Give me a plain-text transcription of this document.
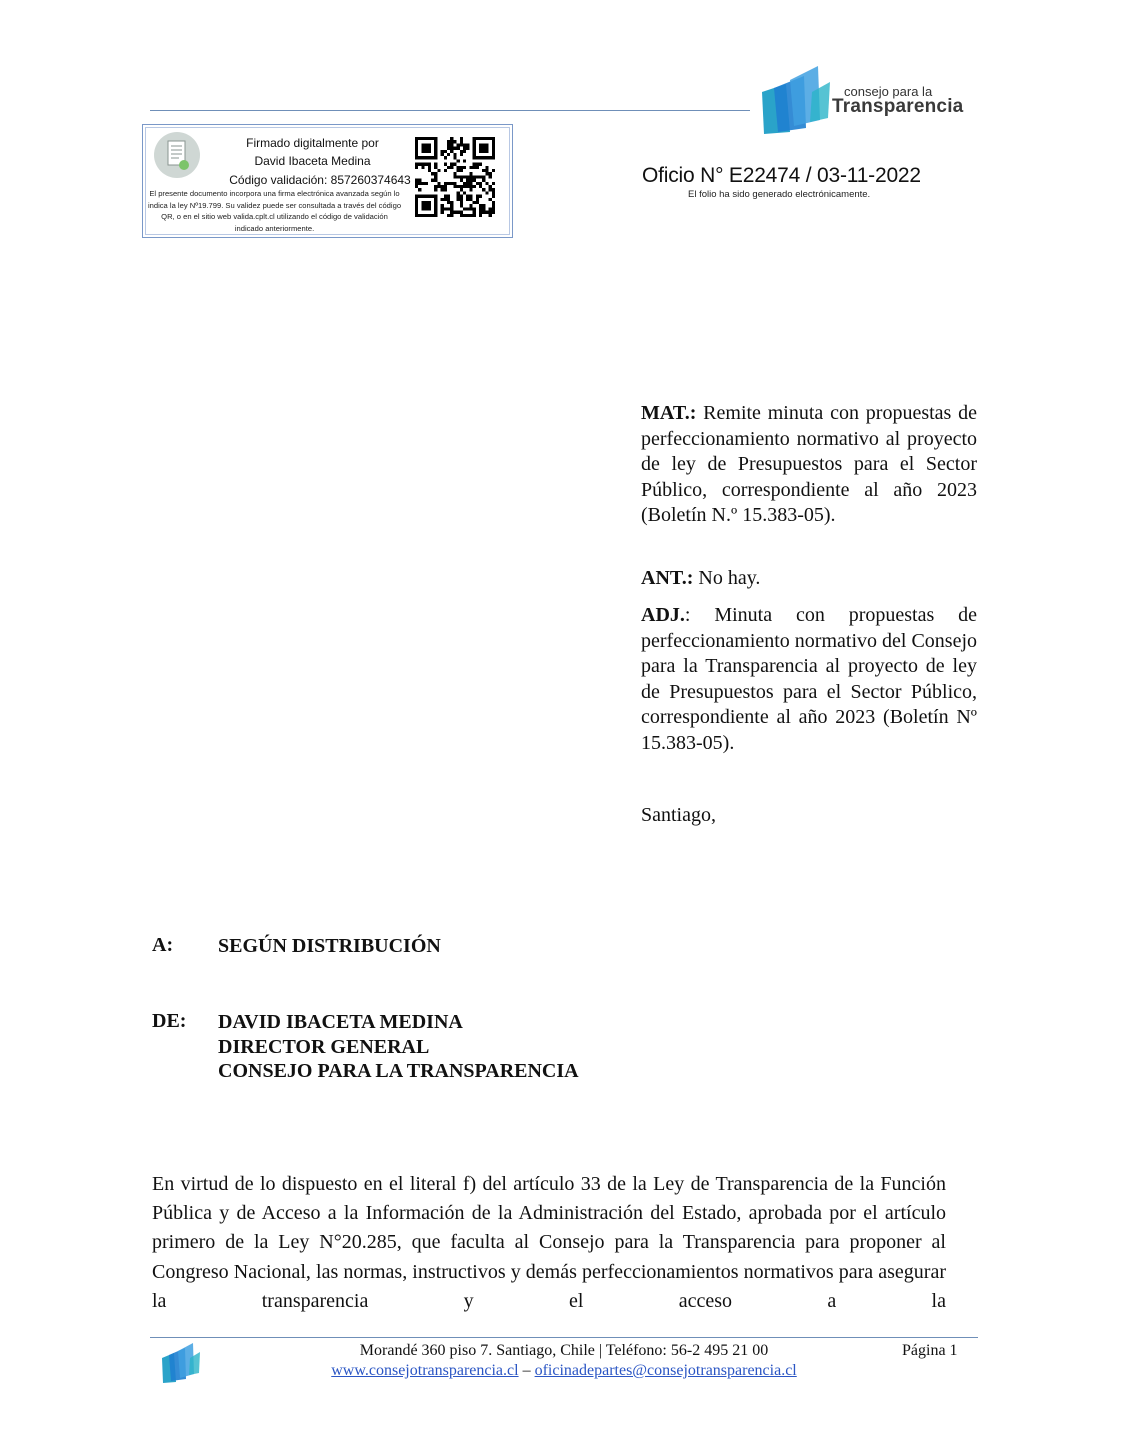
consejo para la
Transparencia
Firmado digitalmente por
David Ibaceta Medina
Código validación: 857260374643
El presente documento incorpora una firma electrónica avanzada según lo indica la ley Nº19.799. Su validez puede ser consultada a través del código QR, o en el sitio web valida.cplt.cl utilizando el código de validación indicado anteriormente.
Oficio N° E22474 / 03-11-2022
El folio ha sido generado electrónicamente.
MAT.: Remite minuta con propuestas de perfeccionamiento normativo al proyecto de ley de Presupuestos para el Sector Público, correspondiente al año 2023 (Boletín N.º 15.383-05).
ANT.: No hay.
ADJ.: Minuta con propuestas de perfeccionamiento normativo del Consejo para la Transparencia al proyecto de ley de Presupuestos para el Sector Público, correspondiente al año 2023 (Boletín Nº 15.383-05).
Santiago,
A: SEGÚN DISTRIBUCIÓN
DE: DAVID IBACETA MEDINA
DIRECTOR GENERAL
CONSEJO PARA LA TRANSPARENCIA
En virtud de lo dispuesto en el literal f) del artículo 33 de la Ley de Transparencia de la Función Pública y de Acceso a la Información de la Administración del Estado, aprobada por el artículo primero de la Ley N°20.285, que faculta al Consejo para la Transparencia para proponer al Congreso Nacional, las normas, instructivos y demás perfeccionamientos normativos para asegurar la transparencia y el acceso a la
Morandé 360 piso 7. Santiago, Chile | Teléfono: 56-2 495 21 00	Página 1
www.consejotransparencia.cl – oficinadepartes@consejotransparencia.cl
